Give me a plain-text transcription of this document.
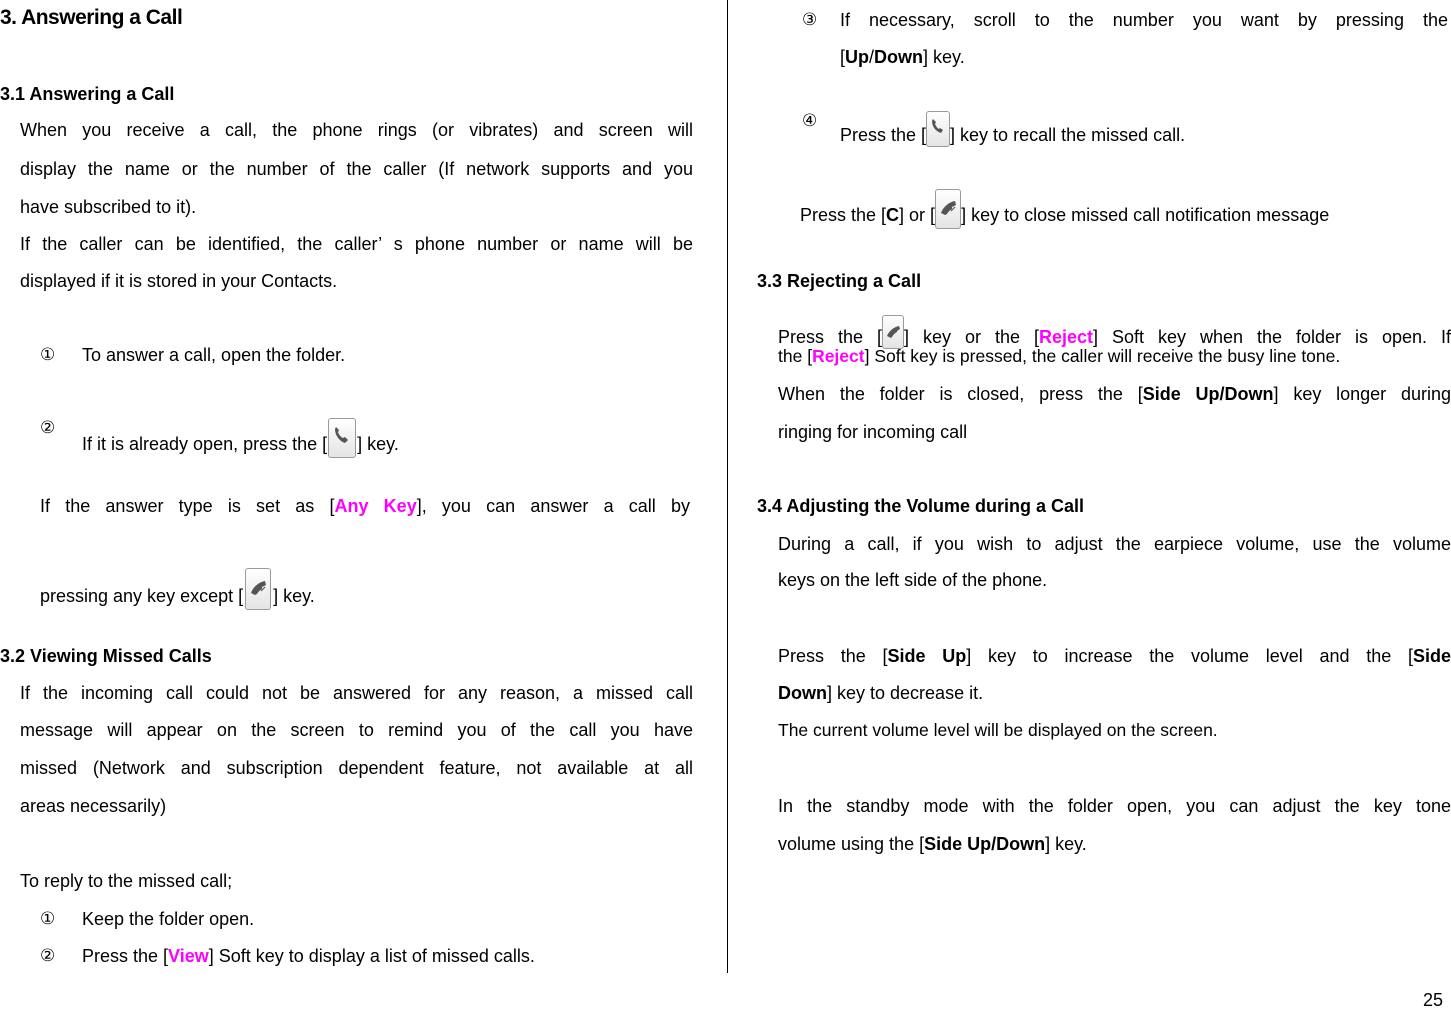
3. Answering a Call
3.1 Answering a Call
When you receive a call, the phone rings (or vibrates) and screen will
display the name or the number of the caller (If network supports and you
have subscribed to it).
If the caller can be identified, the caller’ s phone number or name will be
displayed if it is stored in your Contacts.
① To answer a call, open the folder.
②
If it is already open, press the [ ] key.
If the answer type is set as [Any Key], you can answer a call by
pressing any key except [ ] key.
3.2 Viewing Missed Calls
If the incoming call could not be answered for any reason, a missed call
message will appear on the screen to remind you of the call you have
missed (Network and subscription dependent feature, not available at all
areas necessarily)
To reply to the missed call;
① Keep the folder open.
② Press the [View] Soft key to display a list of missed calls.
③ If necessary, scroll to the number you want by pressing the
[Up/Down] key.
④
Press the [ ] key to recall the missed call.
Press the [C] or [ ] key to close missed call notification message
3.3 Rejecting a Call
Press the [ ] key or the [Reject] Soft key when the folder is open. If
the [Reject] Soft key is pressed, the caller will receive the busy line tone.
When the folder is closed, press the [Side Up/Down] key longer during
ringing for incoming call
3.4 Adjusting the Volume during a Call
During a call, if you wish to adjust the earpiece volume, use the volume
keys on the left side of the phone.
Press the [Side Up] key to increase the volume level and the [Side
Down] key to decrease it.
The current volume level will be displayed on the screen.
In the standby mode with the folder open, you can adjust the key tone
volume using the [Side Up/Down] key.
25
